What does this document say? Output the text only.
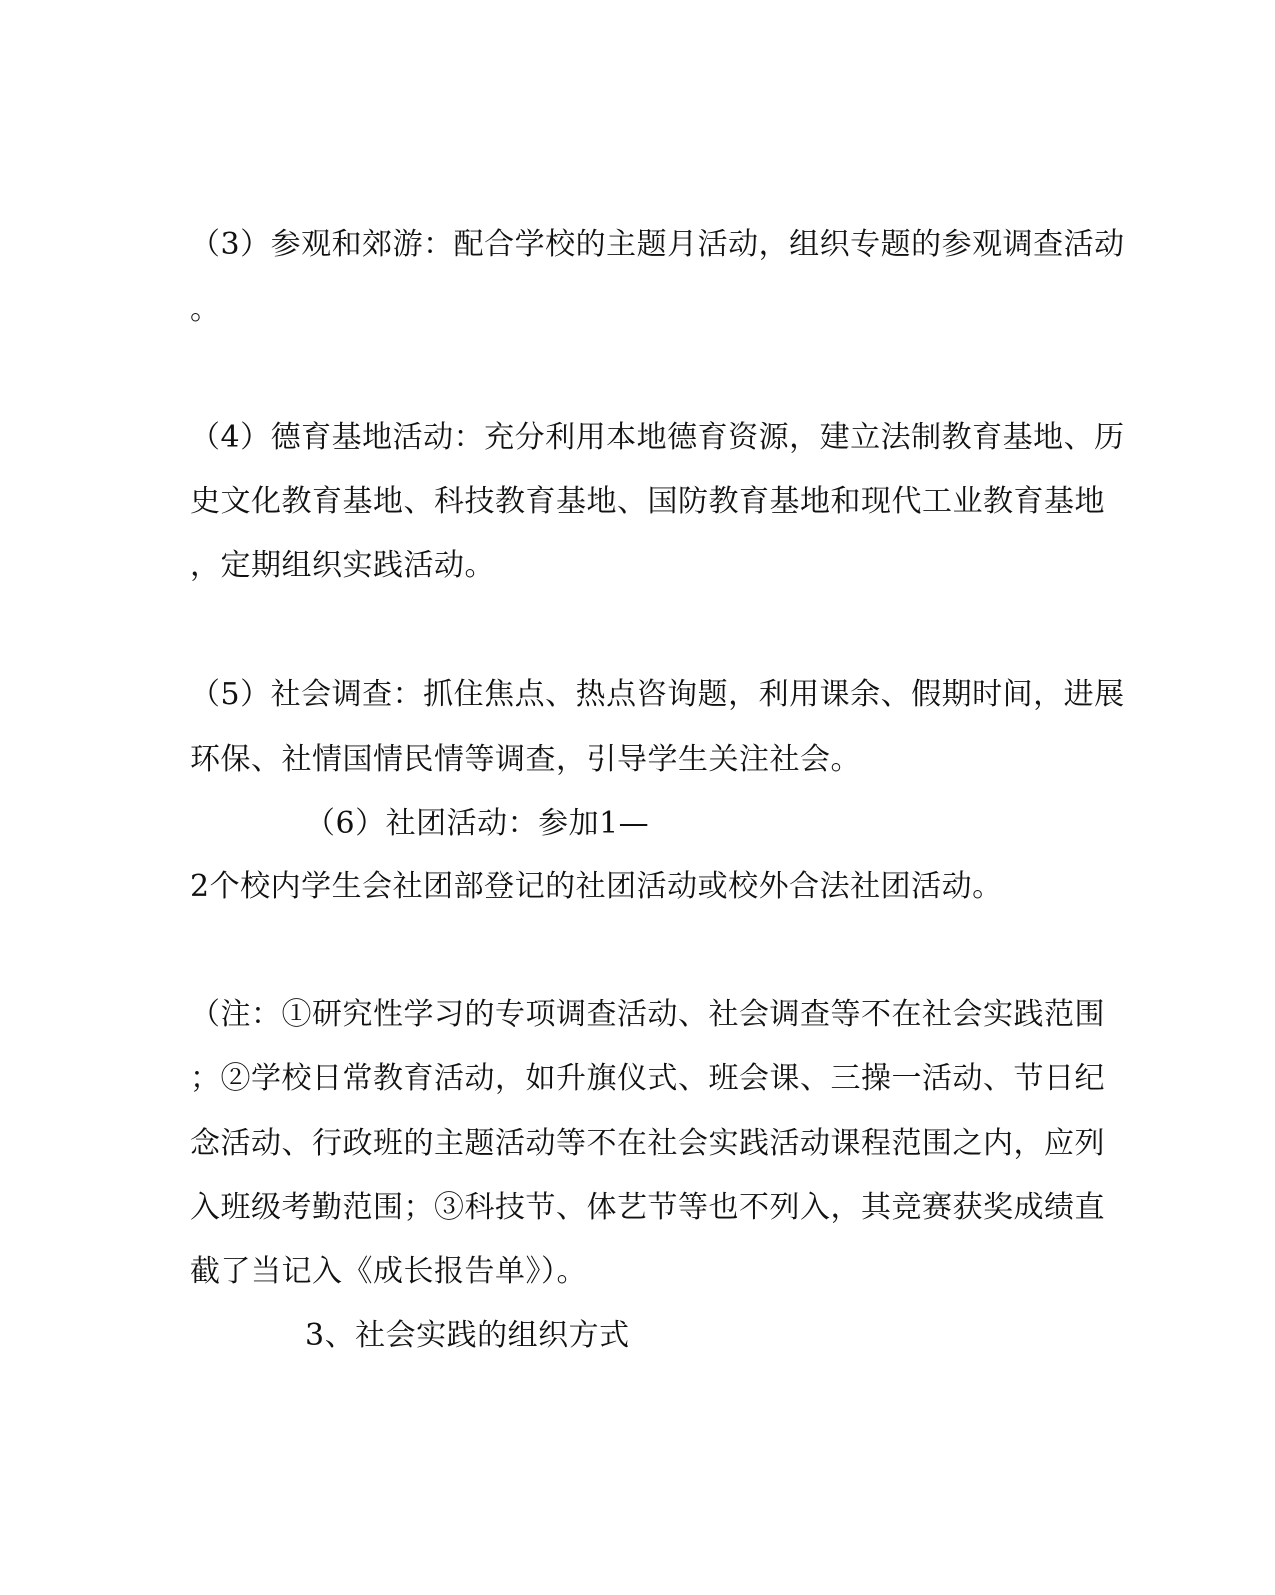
（3）参观和郊游：配合学校的主题月活动，组织专题的参观调查活动
。
（4）德育基地活动：充分利用本地德育资源，建立法制教育基地、历
史文化教育基地、科技教育基地、国防教育基地和现代工业教育基地
，定期组织实践活动。
（5）社会调查：抓住焦点、热点咨询题，利用课余、假期时间，进展
环保、社情国情民情等调查，引导学生关注社会。
（6）社团活动：参加1—
2个校内学生会社团部登记的社团活动或校外合法社团活动。
（注：①研究性学习的专项调查活动、社会调查等不在社会实践范围
；②学校日常教育活动，如升旗仪式、班会课、三操一活动、节日纪
念活动、行政班的主题活动等不在社会实践活动课程范围之内，应列
入班级考勤范围；③科技节、体艺节等也不列入，其竞赛获奖成绩直
截了当记入《成长报告单》）。
3、社会实践的组织方式
